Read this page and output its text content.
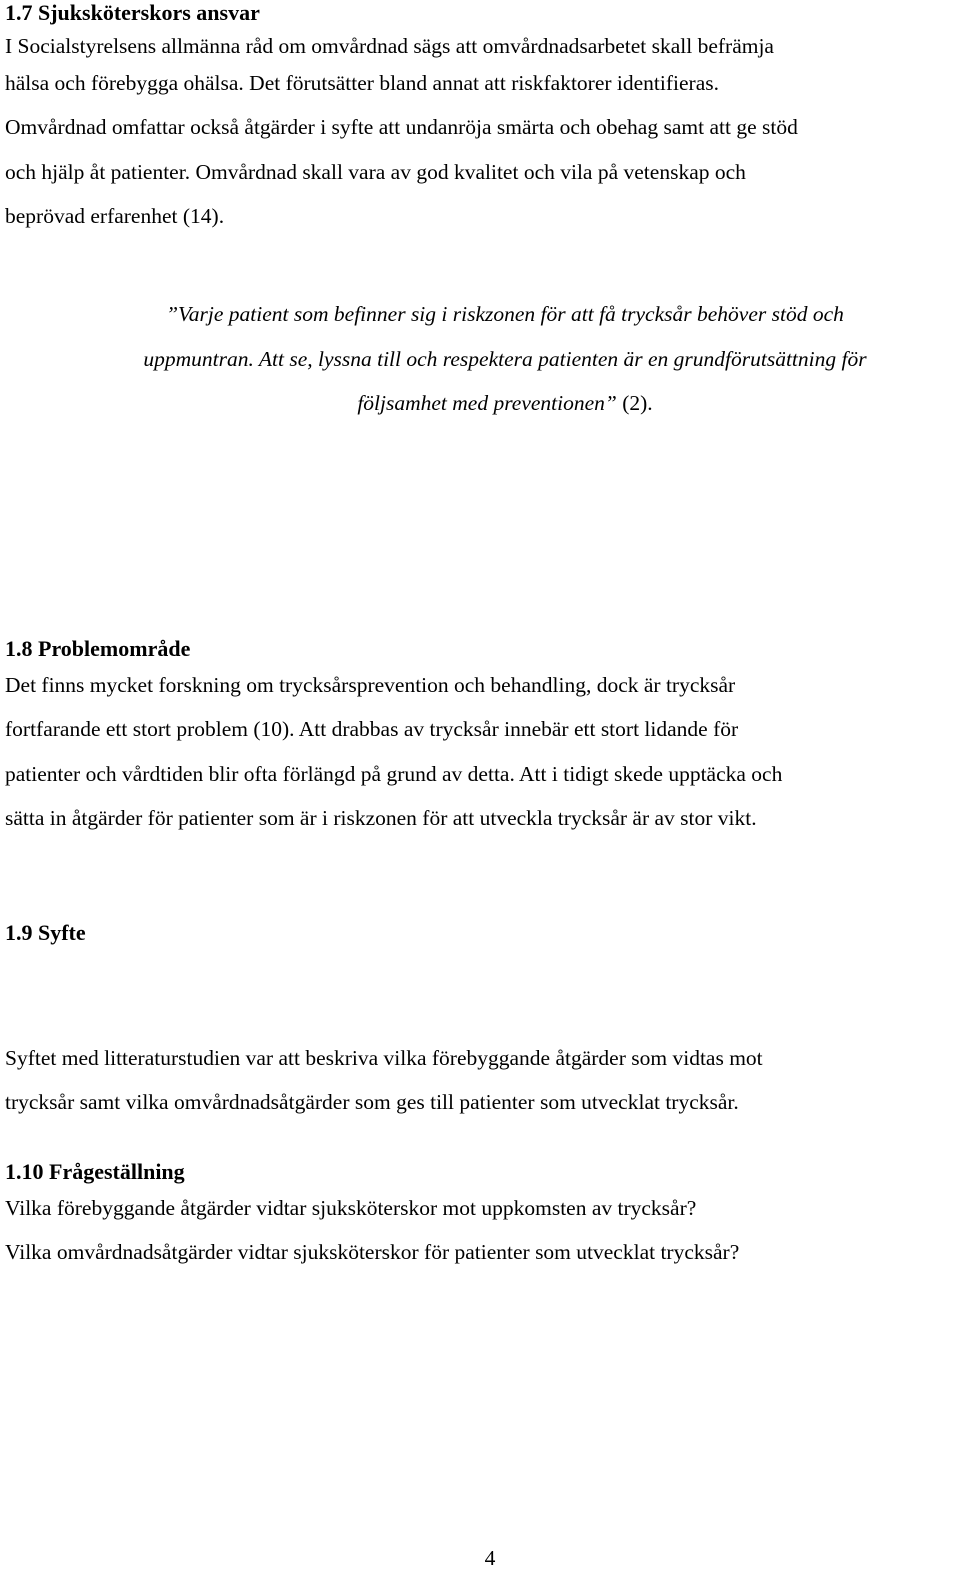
1.7 Sjuksköterskors ansvar

I Socialstyrelsens allmänna råd om omvårdnad sägs att omvårdnadsarbetet skall befrämja
hälsa och förebygga ohälsa. Det förutsätter bland annat att riskfaktorer identifieras.
Omvårdnad omfattar också åtgärder i syfte att undanröja smärta och obehag samt att ge stöd
och hjälp åt patienter. Omvårdnad skall vara av god kvalitet och vila på vetenskap och
beprövad erfarenhet (14).

”Varje patient som befinner sig i riskzonen för att få trycksår behöver stöd och
uppmuntran. Att se, lyssna till och respektera patienten är en grundförutsättning för
följsamhet med preventionen” (2).

1.8 Problemområde

Det finns mycket forskning om trycksårsprevention och behandling, dock är trycksår
fortfarande ett stort problem (10). Att drabbas av trycksår innebär ett stort lidande för
patienter och vårdtiden blir ofta förlängd på grund av detta. Att i tidigt skede upptäcka och
sätta in åtgärder för patienter som är i riskzonen för att utveckla trycksår är av stor vikt.

1.9 Syfte

Syftet med litteraturstudien var att beskriva vilka förebyggande åtgärder som vidtas mot
trycksår samt vilka omvårdnadsåtgärder som ges till patienter som utvecklat trycksår.

1.10 Frågeställning

Vilka förebyggande åtgärder vidtar sjuksköterskor mot uppkomsten av trycksår?
Vilka omvårdnadsåtgärder vidtar sjuksköterskor för patienter som utvecklat trycksår?

4
